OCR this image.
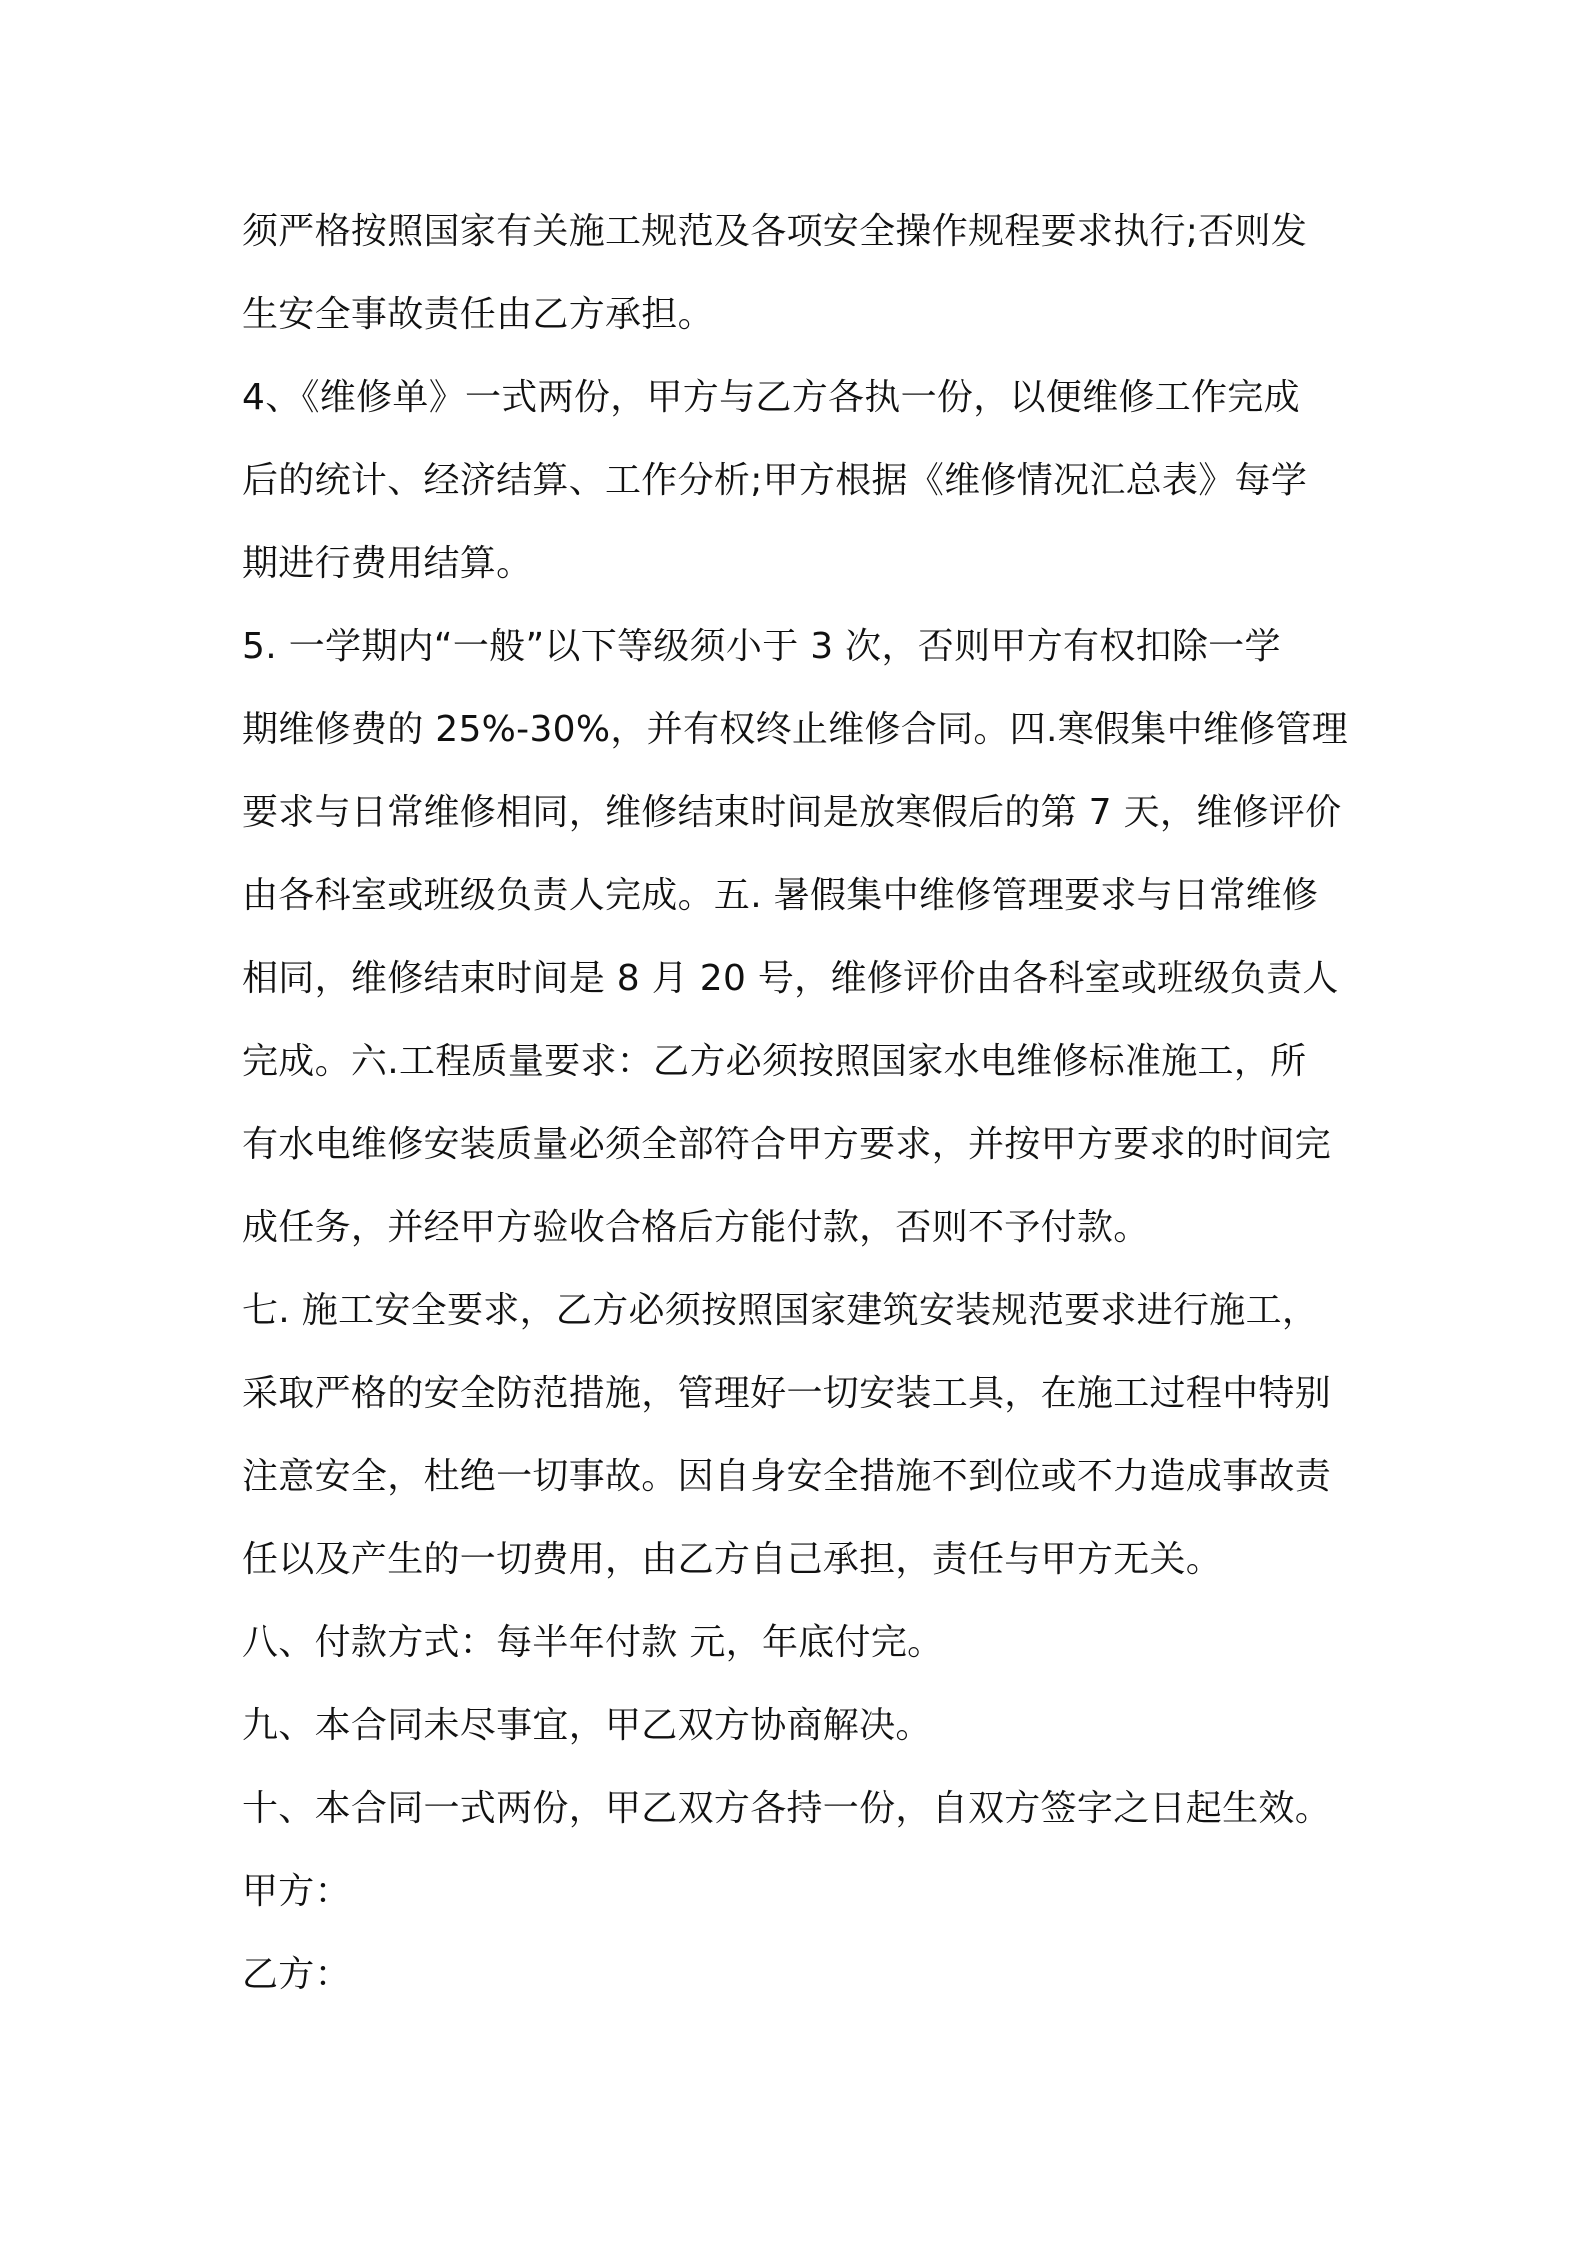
须严格按照国家有关施工规范及各项安全操作规程要求执行;否则发
生安全事故责任由乙方承担。
4、《维修单》一式两份，甲方与乙方各执一份，以便维修工作完成
后的统计、经济结算、工作分析;甲方根据《维修情况汇总表》每学
期进行费用结算。
5. 一学期内“一般”以下等级须小于 3 次，否则甲方有权扣除一学
期维修费的 25%-30%，并有权终止维修合同。四.寒假集中维修管理
要求与日常维修相同，维修结束时间是放寒假后的第 7 天，维修评价
由各科室或班级负责人完成。五. 暑假集中维修管理要求与日常维修
相同，维修结束时间是 8 月 20 号，维修评价由各科室或班级负责人
完成。六.工程质量要求：乙方必须按照国家水电维修标准施工，所
有水电维修安装质量必须全部符合甲方要求，并按甲方要求的时间完
成任务，并经甲方验收合格后方能付款，否则不予付款。
七. 施工安全要求，乙方必须按照国家建筑安装规范要求进行施工，
采取严格的安全防范措施，管理好一切安装工具，在施工过程中特别
注意安全，杜绝一切事故。因自身安全措施不到位或不力造成事故责
任以及产生的一切费用，由乙方自己承担，责任与甲方无关。
八、付款方式：每半年付款 元，年底付完。
九、本合同未尽事宜，甲乙双方协商解决。
十、本合同一式两份，甲乙双方各持一份，自双方签字之日起生效。
甲方：
乙方：
